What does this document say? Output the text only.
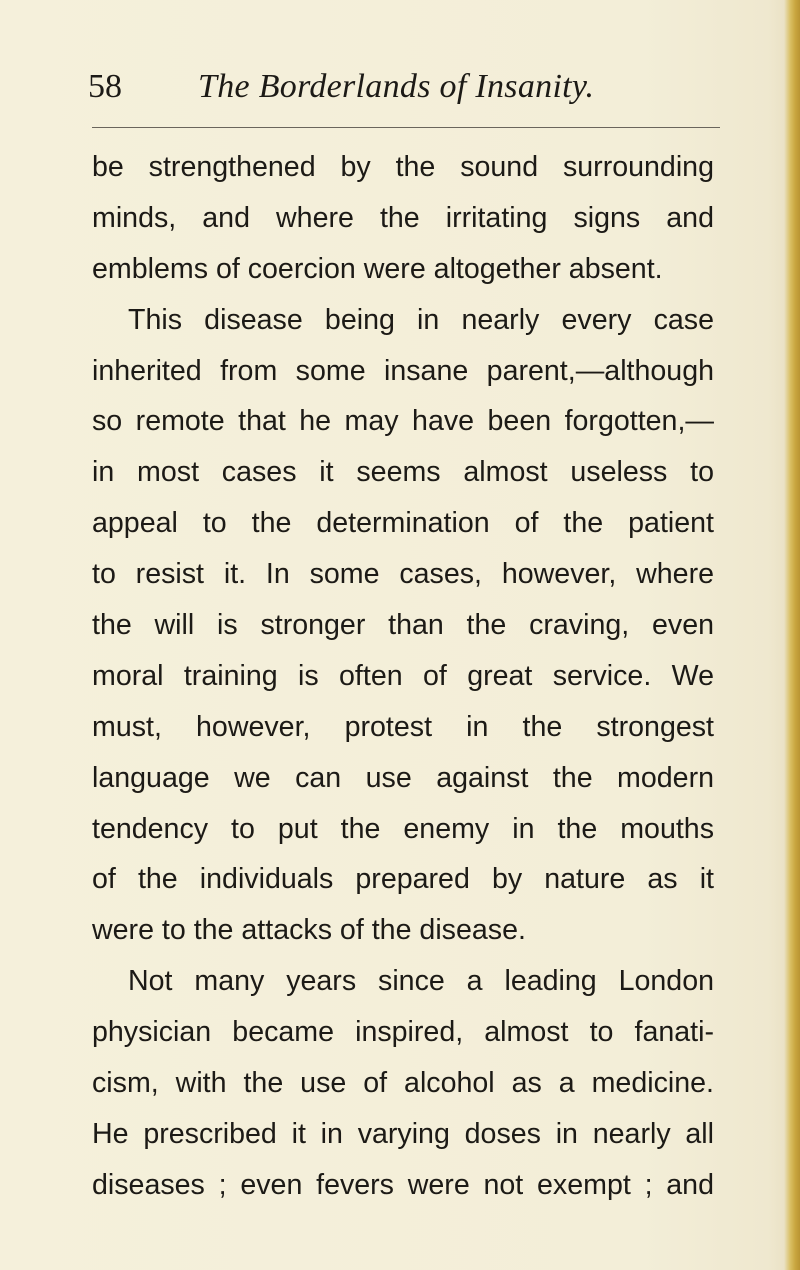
58 The Borderlands of Insanity.
be strengthened by the sound surrounding
minds, and where the irritating signs and
emblems of coercion were altogether absent.
This disease being in nearly every case
inherited from some insane parent,—although
so remote that he may have been forgotten,—
in most cases it seems almost useless to
appeal to the determination of the patient
to resist it. In some cases, however, where
the will is stronger than the craving, even
moral training is often of great service. We
must, however, protest in the strongest
language we can use against the modern
tendency to put the enemy in the mouths
of the individuals prepared by nature as it
were to the attacks of the disease.
Not many years since a leading London
physician became inspired, almost to fanati-
cism, with the use of alcohol as a medicine.
He prescribed it in varying doses in nearly all
diseases ; even fevers were not exempt ; and
